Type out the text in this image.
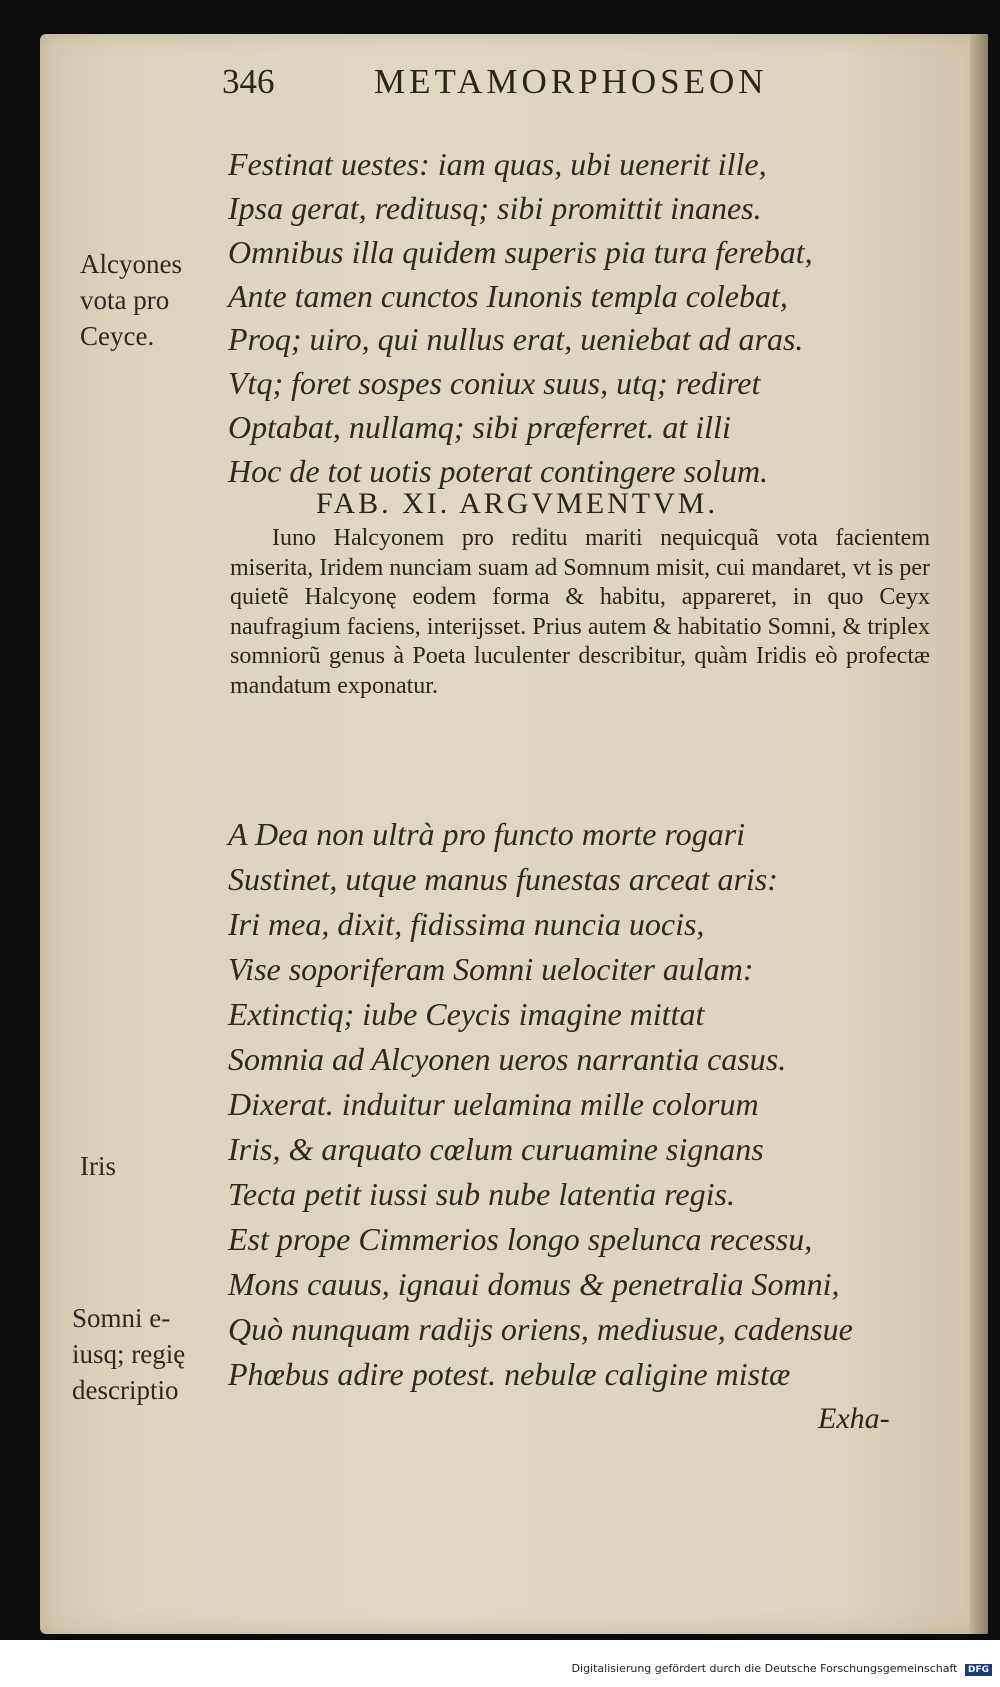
346	METAMORPHOSEON
Festinat uestes: iam quas, ubi uenerit ille,
Ipsa gerat, reditusq; sibi promittit inanes.
Omnibus illa quidem superis pia tura ferebat,
Ante tamen cunctos Iunonis templa colebat,
Proq; uiro, qui nullus erat, ueniebat ad aras.
Vtq; foret sospes coniux suus, utq; rediret
Optabat, nullamq; sibi præferret. at illi
Hoc de tot uotis poterat contingere solum.
Alcyones
vota pro
Ceyce.
Iris
Somni e-
iusq; regię
descriptio
FAB. XI. ARGVMENTVM.
Iuno Halcyonem pro reditu mariti nequicquã vota facientem miserita, Iridem nunciam suam ad Somnum misit, cui mandaret, vt is per quietẽ Halcyonę eodem forma & habitu, appareret, in quo Ceyx naufragium faciens, interijsset. Prius autem & habitatio Somni, & triplex somniorũ genus à Poeta luculenter describitur, quàm Iridis eò profectæ mandatum exponatur.
A Dea non ultrà pro functo morte rogari
Sustinet, utque manus funestas arceat aris:
Iri mea, dixit, fidissima nuncia uocis,
Vise soporiferam Somni uelociter aulam:
Extinctiq; iube Ceycis imagine mittat
Somnia ad Alcyonen ueros narrantia casus.
Dixerat. induitur uelamina mille colorum
Iris, & arquato cœlum curuamine signans
Tecta petit iussi sub nube latentia regis.
Est prope Cimmerios longo spelunca recessu,
Mons cauus, ignaui domus & penetralia Somni,
Quò nunquam radijs oriens, mediusue, cadensue
Phœbus adire potest. nebulæ caligine mistæ
Exha-
Digitalisierung gefördert durch die Deutsche Forschungsgemeinschaft DFG
